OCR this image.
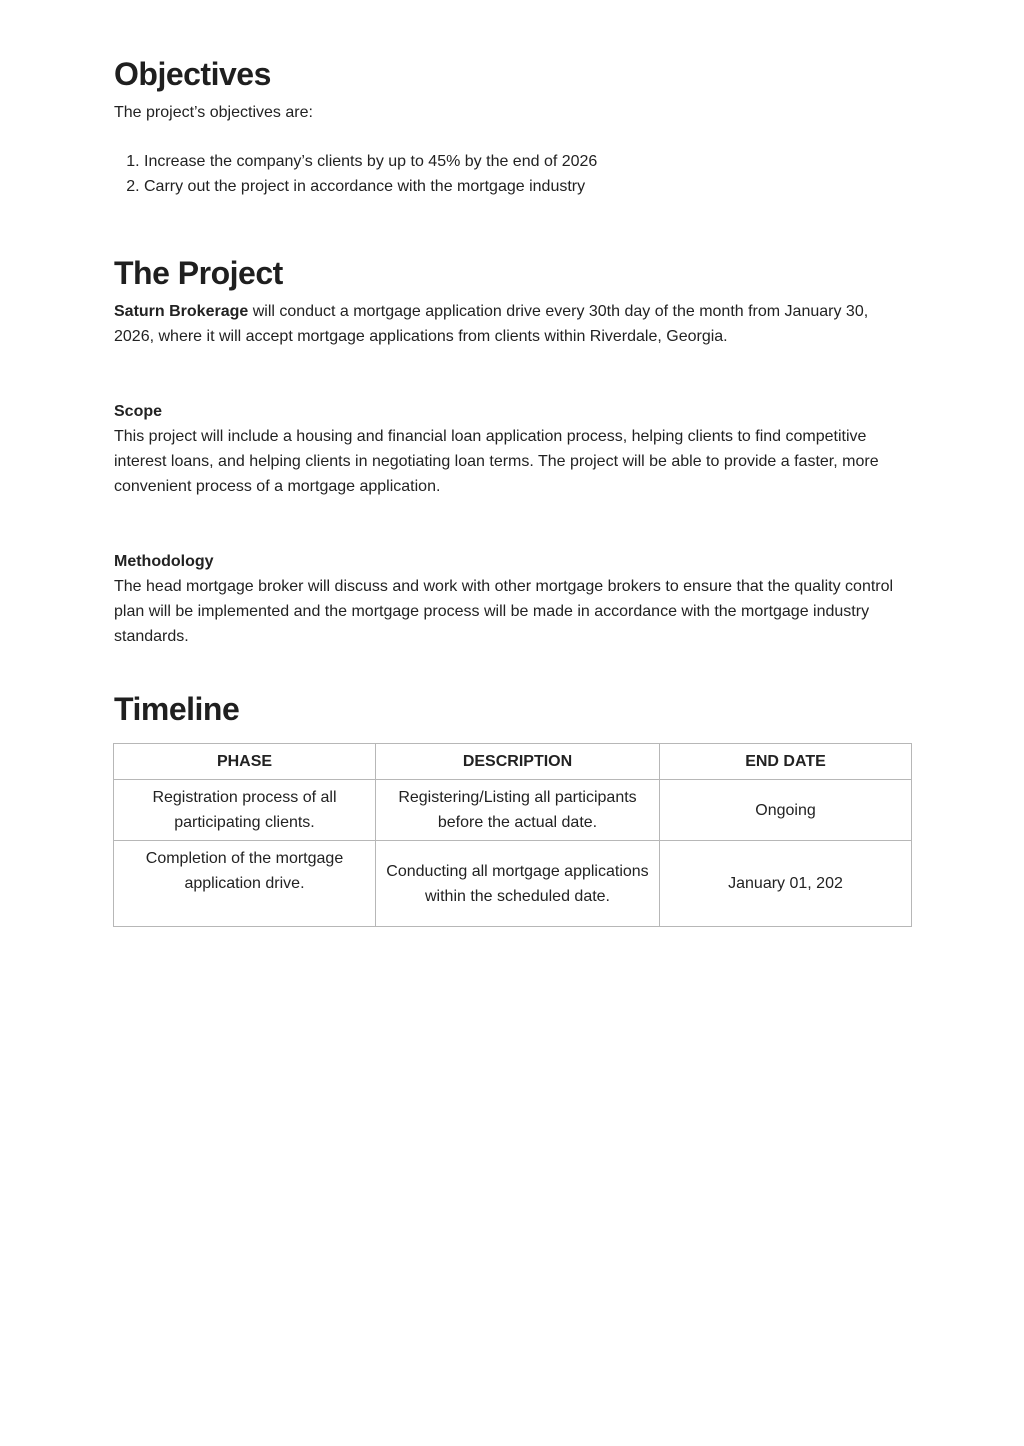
Objectives

The project’s objectives are:

1. Increase the company’s clients by up to 45% by the end of 2026
2. Carry out the project in accordance with the mortgage industry
The Project

Saturn Brokerage will conduct a mortgage application drive every 30th day of the month from January 30, 2026, where it will accept mortgage applications from clients within Riverdale, Georgia.

Scope

This project will include a housing and financial loan application process, helping clients to find competitive interest loans, and helping clients in negotiating loan terms. The project will be able to provide a faster, more convenient process of a mortgage application.

Methodology

The head mortgage broker will discuss and work with other mortgage brokers to ensure that the quality control plan will be implemented and the mortgage process will be made in accordance with the mortgage industry standards.

Timeline
PHASE	DESCRIPTION	END DATE
Registration process of all participating clients.	Registering/Listing all participants before the actual date.	Ongoing
Completion of the mortgage application drive.	Conducting all mortgage applications within the scheduled date.	January 01, 202
